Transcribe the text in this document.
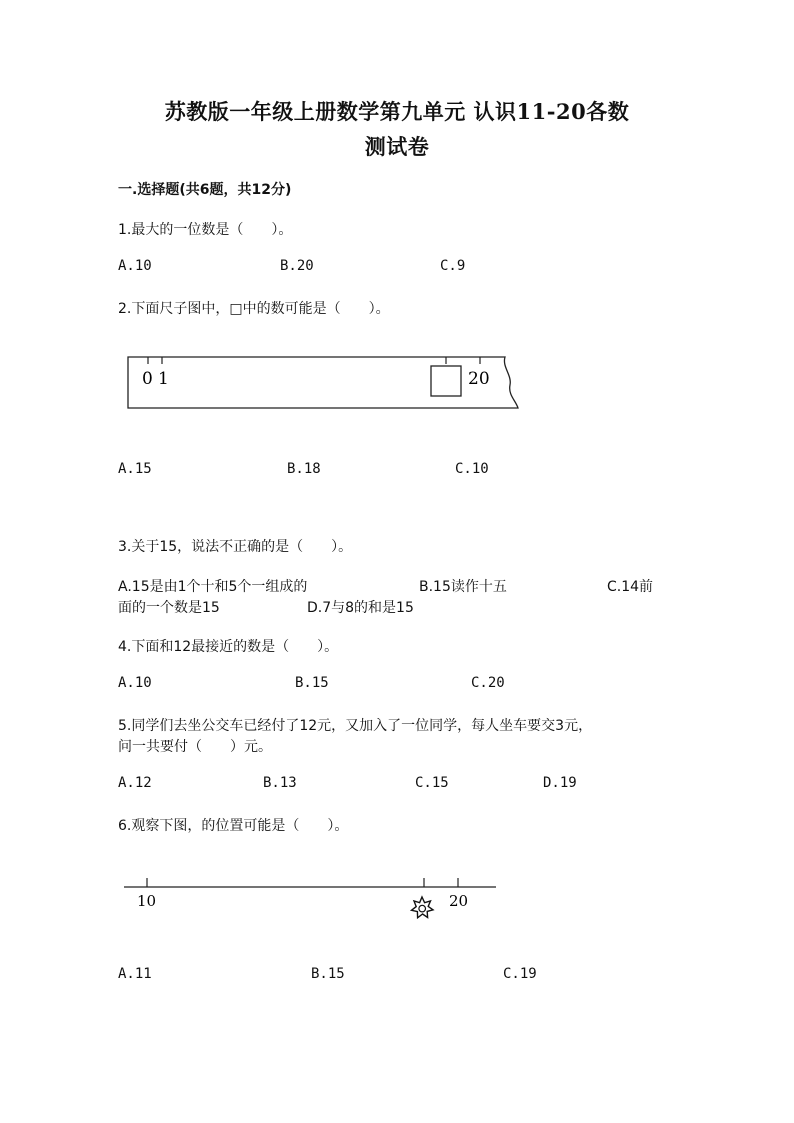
苏教版一年级上册数学第九单元 认识11-20各数
测试卷
一.选择题(共6题，共12分)
1.最大的一位数是（　　）。
A.10	B.20	C.9
2.下面尺子图中，□中的数可能是（　　）。
0 1	20
A.15	B.18	C.10
3.关于15，说法不正确的是（　　）。
A.15是由1个十和5个一组成的	B.15读作十五	C.14前
面的一个数是15	D.7与8的和是15
4.下面和12最接近的数是（　　）。
A.10	B.15	C.20
5.同学们去坐公交车已经付了12元，又加入了一位同学，每人坐车要交3元，
问一共要付（　　）元。
A.12	B.13	C.15	D.19
6.观察下图，的位置可能是（　　）。
10	20
A.11	B.15	C.19
